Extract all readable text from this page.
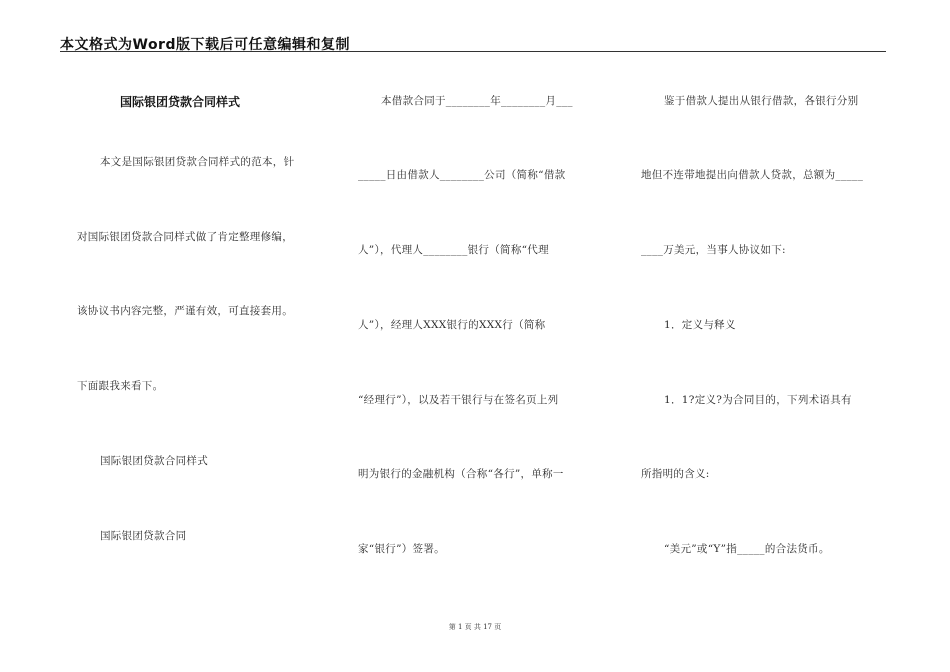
本文格式为Word版下载后可任意编辑和复制
国际银团贷款合同样式
本文是国际银团贷款合同样式的范本，针
对国际银团贷款合同样式做了肯定整理修编，
该协议书内容完整，严谨有效，可直接套用。
下面跟我来看下。
国际银团贷款合同样式
国际银团贷款合同
本借款合同于________年________月___
_____日由借款人________公司（简称“借款
人”），代理人________银行（简称“代理
人”），经理人XXX银行的XXX行（简称
“经理行”），以及若干银行与在签名页上列
明为银行的金融机构（合称“各行”，单称一
家“银行”）签署。
鉴于借款人提出从银行借款，各银行分别
地但不连带地提出向借款人贷款，总额为_____
____万美元，当事人协议如下:
1．定义与释义
1．1?定义?为合同目的，下列术语具有
所指明的含义:
“美元”或“Y”指_____的合法货币。
第 1 页 共 17 页
